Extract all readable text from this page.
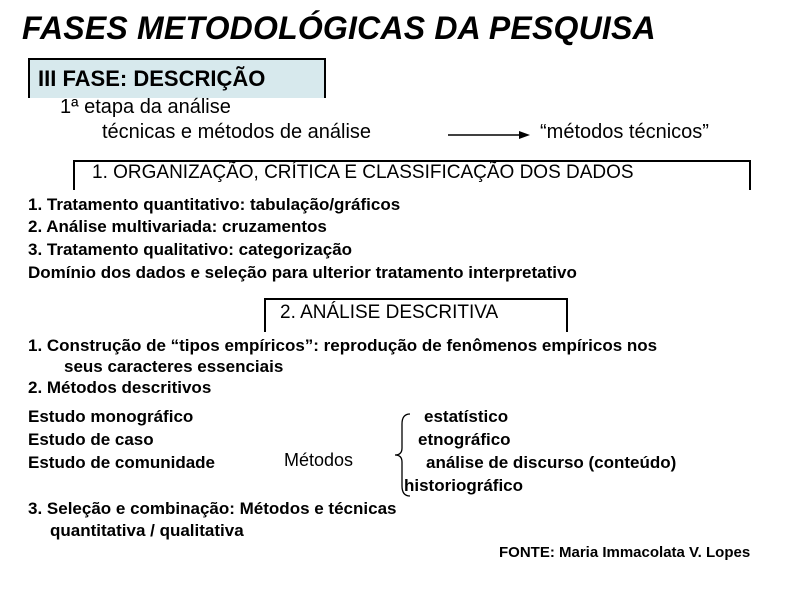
FASES METODOLÓGICAS DA PESQUISA
III FASE: DESCRIÇÃO
1ª etapa da análise
técnicas e métodos de análise	“métodos técnicos”
1. ORGANIZAÇÃO, CRÍTICA E CLASSIFICAÇÃO DOS DADOS
1. Tratamento quantitativo: tabulação/gráficos
2. Análise multivariada: cruzamentos
3. Tratamento qualitativo: categorização
Domínio dos dados e seleção para ulterior tratamento interpretativo
2. ANÁLISE DESCRITIVA
1. Construção de “tipos empíricos”: reprodução de fenômenos empíricos nos
seus caracteres essenciais
2. Métodos descritivos
Estudo monográfico
Estudo de caso
Estudo de comunidade	Métodos
estatístico
etnográfico
análise de discurso (conteúdo)
historiográfico
3. Seleção e combinação: Métodos e técnicas
quantitativa / qualitativa
FONTE: Maria Immacolata V. Lopes
